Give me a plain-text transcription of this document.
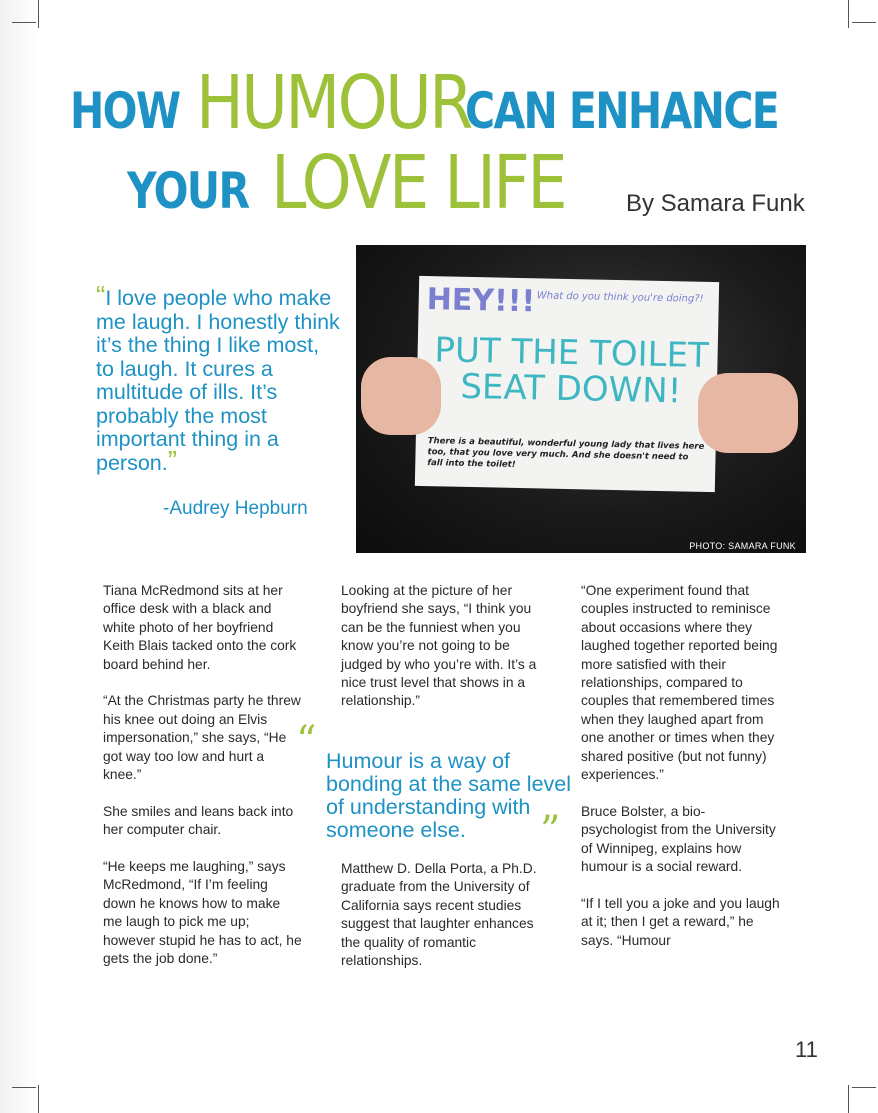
HOW HUMOURCAN ENHANCE
YOUR LOVE LIFE	By Samara Funk
“I love people who make me laugh. I honestly think it’s the thing I like most, to laugh. It cures a multitude of ills. It’s probably the most important thing in a person.”
-Audrey Hepburn
HEY!!! What do you think you're doing?!
PUT THE TOILET SEAT DOWN!
There is a beautiful, wonderful young lady that lives here too, that you love very much. And she doesn't need to fall into the toilet!
PHOTO: SAMARA FUNK

Tiana McRedmond sits at her office desk with a black and white photo of her boyfriend Keith Blais tacked onto the cork board behind her.

“At the Christmas party he threw his knee out doing an Elvis impersonation,” she says, “He got way too low and hurt a knee.”

She smiles and leans back into her computer chair.

“He keeps me laughing,” says McRedmond, “If I’m feeling down he knows how to make me laugh to pick me up; however stupid he has to act, he gets the job done.”

Looking at the picture of her boyfriend she says, “I think you can be the funniest when you know you’re not going to be judged by who you’re with. It’s a nice trust level that shows in a relationship.”

“ Humour is a way of bonding at the same level of understanding with someone else.	”

Matthew D. Della Porta, a Ph.D. graduate from the University of California says recent studies suggest that laughter enhances the quality of romantic relationships.

“One experiment found that couples instructed to reminisce about occasions where they laughed together reported being more satisfied with their relationships, compared to couples that remembered times when they laughed apart from one another or times when they shared positive (but not funny) experiences.”

Bruce Bolster, a bio-psychologist from the University of Winnipeg, explains how humour is a social reward.

“If I tell you a joke and you laugh at it; then I get a reward,” he says. “Humour

11
